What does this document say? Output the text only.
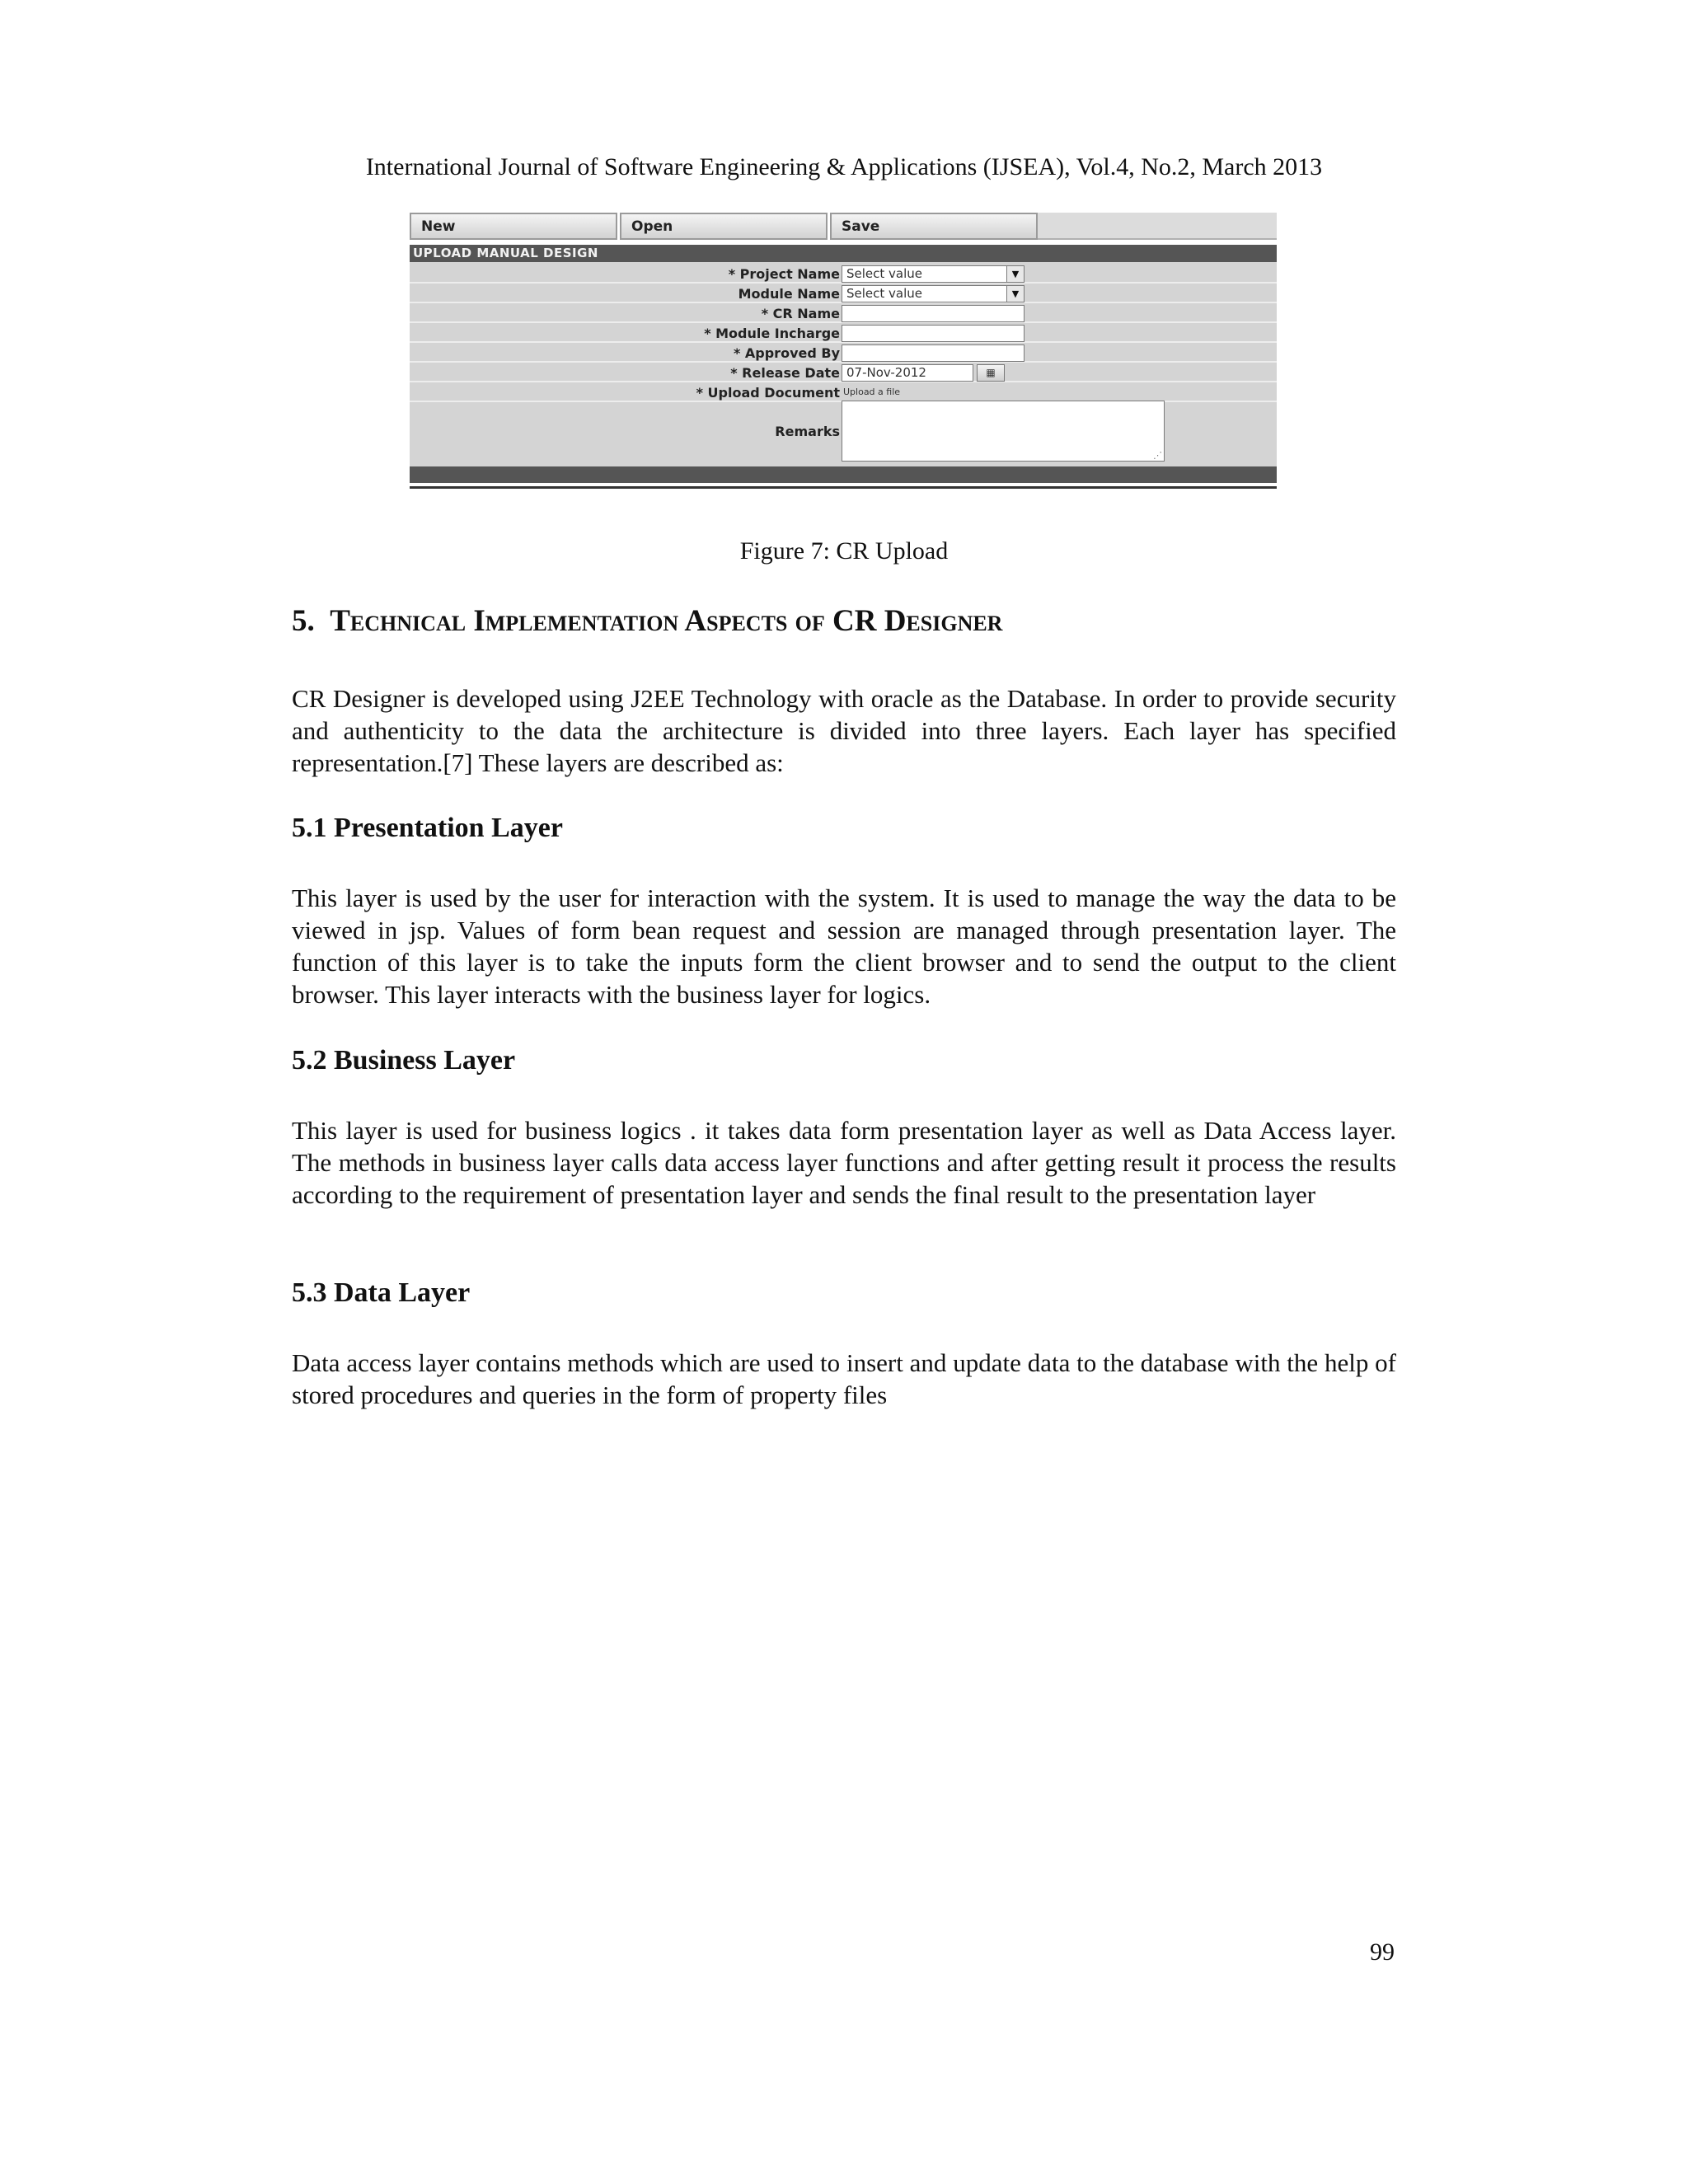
International Journal of Software Engineering & Applications (IJSEA), Vol.4, No.2, March 2013
New	Open	Save
UPLOAD MANUAL DESIGN
* Project Name Select value	▼
Module Name Select value	▼
* CR Name
* Module Incharge
* Approved By
* Release Date 07-Nov-2012	▦
* Upload Document Upload a file
Remarks
⋰
Figure 7: CR Upload
5. Technical Implementation Aspects of CR Designer
CR Designer is developed using J2EE Technology with oracle as the Database. In order to provide security and authenticity to the data the architecture is divided into three layers. Each layer has specified representation.[7] These layers are described as:
5.1 Presentation Layer
This layer is used by the user for interaction with the system. It is used to manage the way the data to be viewed in jsp. Values of form bean request and session are managed through presentation layer. The function of this layer is to take the inputs form the client browser and to send the output to the client browser. This layer interacts with the business layer for logics.
5.2 Business Layer
This layer is used for business logics . it takes data form presentation layer as well as Data Access layer. The methods in business layer calls data access layer functions and after getting result it process the results according to the requirement of presentation layer and sends the final result to the presentation layer
5.3 Data Layer
Data access layer contains methods which are used to insert and update data to the database with the help of stored procedures and queries in the form of property files
99
